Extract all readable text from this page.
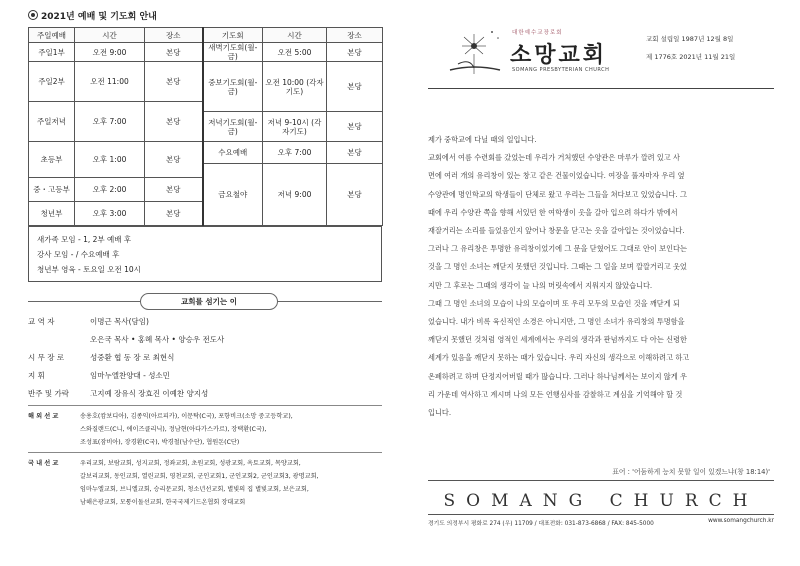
2021년 예배 및 기도회 안내
주일예배	시간	장소	기도회	시간	장소
주일1부	오전 9:00	본당	새벽기도회(월-금)	오전 5:00	본당
주일2부	오전 11:00	본당	중보기도회(월-금)	오전 10:00 (각자기도)	본당

주일저녁	오후 7:00	본당			
			저녁기도회(월-금)	저녁 9-10시 (각자기도)	본당
초등부	오후 1:00	본당	수요예배	오후 7:00	본당
			금요철야	저녁 9:00	본당
중・고등부	오후 2:00	본당			
청년부	오후 3:00	본당			
새가족 모임 - 1, 2부 예배 후
강사 모임 - / 수요예배 후
청년부 영육 - 토요일 오전 10시
교회를 섬기는 이
교 역 자	이명근 목사(담임)
오은국 목사 • 홍혜 목사 • 양승우 전도사
시 무 장 로	성중환 협 동 장 로 최현식
지 휘	임마누엘찬양대 - 성소민
반주 및 가락	고지예 장유식 장효진 이예찬 양지성
해 외 선 교	송용호(캄보디아), 김종익(아르피카), 이문탁(C국), 포항비크(소망 중고등학교),
스와질랜드(C니, 에이즈클리닉), 정남현(아다가스카르), 장택환(C국),
조성표(잠비아), 장경환(C국), 박경철(남수단), 협원돈(C단)
국 내 선 교	우리교회, 보람교회, 성지교회, 정좌교회, 초원교회, 성광교회, 옥토교회, 목양교회,
갈보리교회, 동인교회, 열린교회, 영천교회, 군인교회1, 군인교회2, 군인교회3, 광명교회,
임마누엘교회, 브니엘교회, 승리문교회, 청소년선교회, 별빛의 집 별빛교회, 보은교회,
남해은광교회, 모퉁이돌선교회, 한국국제기드온협회 장대교회
대한예수교장로회
소망교회
SOMANG PRESBYTERIAN CHURCH
교회 설립일 1987년 12월 8일
제 1776호 2021년 11월 21일
제가 중학교에 다닐 때의 일입니다.
교회에서 여름 수련회를 갔었는데 우리가 거처했던 수양관은 마루가 깔려 있고 사
면에 여러 개의 유리창이 있는 창고 같은 건물이었습니다. 여장을 풀자마자 우리 옆
수양관에 명인학교의 학생들이 단체로 왔고 우리는 그들을 쳐다보고 있었습니다. 그
때에 우리 수양관 쪽을 향해 서있던 한 여학생이 옷을 갈아 입으려 하다가 밖에서
재잘거리는 소리를 들었음인지 앞어나 창문을 닫고는 옷을 갈아입는 것이었습니다.
그러나 그 유리창은 투명한 유리창이었기에 그 문을 닫혔어도 그대로 안이 보인다는
것을 그 명인 소녀는 깨닫지 못했던 것입니다. 그때는 그 일을 보며 깔깔거리고 웃었
지만 그 후로는 그때의 생각이 늘 나의 머릿속에서 지워지지 않았습니다.
그때 그 명인 소녀의 모습이 나의 모습이며 또 우리 모두의 모습인 것을 깨닫게 되
었습니다. 내가 비록 육신적인 소경은 아니지만, 그 명인 소녀가 유리창의 투명함을
깨닫지 못했던 것처럼 영적인 세계에서는 우리의 생각과 판념까지도 다 아는 신령한
세계가 있음을 깨닫지 못하는 때가 있습니다. 우리 자신의 생각으로 이해하려고 하고
온폐하려고 하며 단정지어버릴 때가 많습니다. 그러나 하나님께서는 보이지 않게 우
리 가운데 역사하고 계시며 나의 모든 언행심사를 감찰하고 계심을 기억해야 할 것
입니다.
표어 : '어둠하게 능치 못할 일이 있겠느냐(창 18:14)'
SOMANG CHURCH
경기도 의정부시 평화로 274 (우) 11709 / 대표전화: 031-873-6868 / FAX: 845-5000	www.somangchurch.kr
